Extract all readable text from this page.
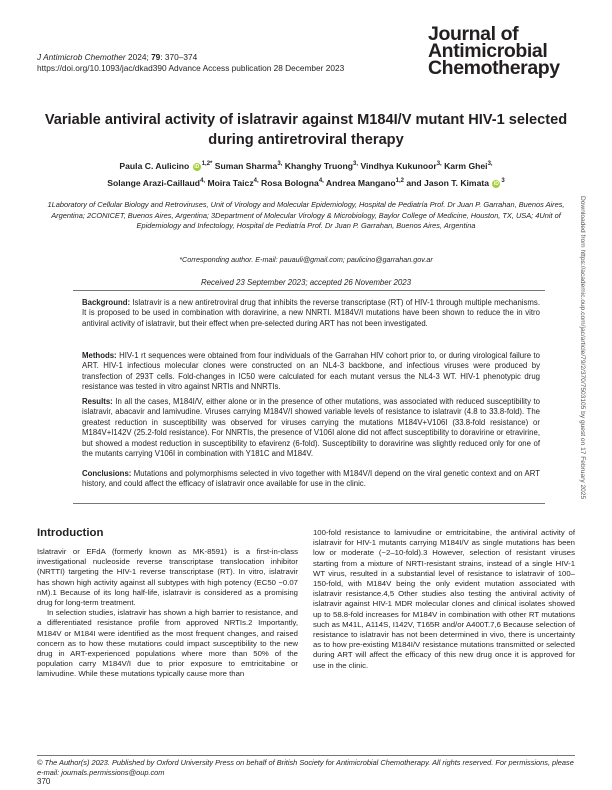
J Antimicrob Chemother 2024; 79: 370–374
https://doi.org/10.1093/jac/dkad390 Advance Access publication 28 December 2023
Journal of
Antimicrobial
Chemotherapy
Variable antiviral activity of islatravir against M184I/V mutant HIV-1 selected during antiretroviral therapy
Paula C. Aulicino iD $^{1,2*}$ Suman Sharma$^{3,}$ Khanghy Truong$^{3,}$ Vindhya Kukunoor$^{3,}$ Karm Ghei$^{3,}$
Solange Arazi-Caillaud$^{4,}$ Moira Taicz$^{4,}$ Rosa Bologna$^{4,}$ Andrea Mangano$^{1,2}$ and Jason T. Kimata iD $^3$
1Laboratory of Cellular Biology and Retroviruses, Unit of Virology and Molecular Epidemiology, Hospital de Pediatría Prof. Dr Juan P. Garrahan, Buenos Aires, Argentina; 2CONICET, Buenos Aires, Argentina; 3Department of Molecular Virology & Microbiology, Baylor College of Medicine, Houston, TX, USA; 4Unit of Epidemiology and Infectology, Hospital de Pediatría Prof. Dr Juan P. Garrahan, Buenos Aires, Argentina
*Corresponding author. E-mail: pauauli@gmail.com; paulicino@garrahan.gov.ar
Received 23 September 2023; accepted 26 November 2023
Background: Islatravir is a new antiretroviral drug that inhibits the reverse transcriptase (RT) of HIV-1 through multiple mechanisms. It is proposed to be used in combination with doravirine, a new NNRTI. M184V/I mutations have been shown to reduce the in vitro antiviral activity of islatravir, but their effect when pre-selected during ART has not been investigated.
Methods: HIV-1 rt sequences were obtained from four individuals of the Garrahan HIV cohort prior to, or during virological failure to ART. HIV-1 infectious molecular clones were constructed on an NL4-3 backbone, and infectious viruses were produced by transfection of 293T cells. Fold-changes in IC50 were calculated for each mutant versus the NL4-3 WT. HIV-1 phenotypic drug resistance was tested in vitro against NRTIs and NNRTIs.
Results: In all the cases, M184I/V, either alone or in the presence of other mutations, was associated with reduced susceptibility to islatravir, abacavir and lamivudine. Viruses carrying M184V/I showed variable levels of resistance to islatravir (4.8 to 33.8-fold). The greatest reduction in susceptibility was observed for viruses carrying the mutations M184V+V106I (33.8-fold resistance) or M184V+I142V (25.2-fold resistance). For NNRTIs, the presence of V106I alone did not affect susceptibility to doravirine or etravirine, but showed a modest reduction in susceptibility to efavirenz (6-fold). Susceptibility to doravirine was slightly reduced only for one of the mutants carrying V106I in combination with Y181C and M184V.
Conclusions: Mutations and polymorphisms selected in vivo together with M184V/I depend on the viral genetic context and on ART history, and could affect the efficacy of islatravir once available for use in the clinic.
Introduction

Islatravir or EFdA (formerly known as MK-8591) is a first-in-class investigational nucleoside reverse transcriptase translocation inhibitor (NRTTI) targeting the HIV-1 reverse transcriptase (RT). In vitro, islatravir has shown high activity against all subtypes with high potency (EC50 ~0.07 nM).1 Because of its long half-life, islatravir is considered as a promising drug for long-term treatment.

In selection studies, islatravir has shown a high barrier to resistance, and a differentiated resistance profile from approved NRTIs.2 Importantly, M184V or M184I were identified as the most frequent changes, and raised concern as to how these mutations could impact susceptibility to the new drug in ART-experienced populations where more than 50% of the population carry M184V/I due to prior exposure to emtricitabine or lamivudine. While these mutations typically cause more than

100-fold resistance to lamivudine or emtricitabine, the antiviral activity of islatravir for HIV-1 mutants carrying M184I/V as single mutations has been low or moderate (~2–10-fold).3 However, selection of resistant viruses starting from a mixture of NRTI-resistant strains, instead of a single HIV-1 WT virus, resulted in a substantial level of resistance to islatravir of 100–150-fold, with M184V being the only evident mutation associated with islatravir resistance.4,5 Other studies also testing the antiviral activity of islatravir against HIV-1 MDR molecular clones and clinical isolates showed up to 58.8-fold increases for M184V in combination with other RT mutations such as M41L, A114S, I142V, T165R and/or A400T.7,6 Because selection of resistance to islatravir has not been determined in vivo, there is uncertainty as to how pre-existing M184I/V resistance mutations transmitted or selected during ART will affect the efficacy of this new drug once it is approved for use in the clinic.

© The Author(s) 2023. Published by Oxford University Press on behalf of British Society for Antimicrobial Chemotherapy. All rights reserved. For permissions, please e-mail: journals.permissions@oup.com
370
Downloaded from https://academic.oup.com/jac/article/79/2/370/7503105 by guest on 17 February 2025
